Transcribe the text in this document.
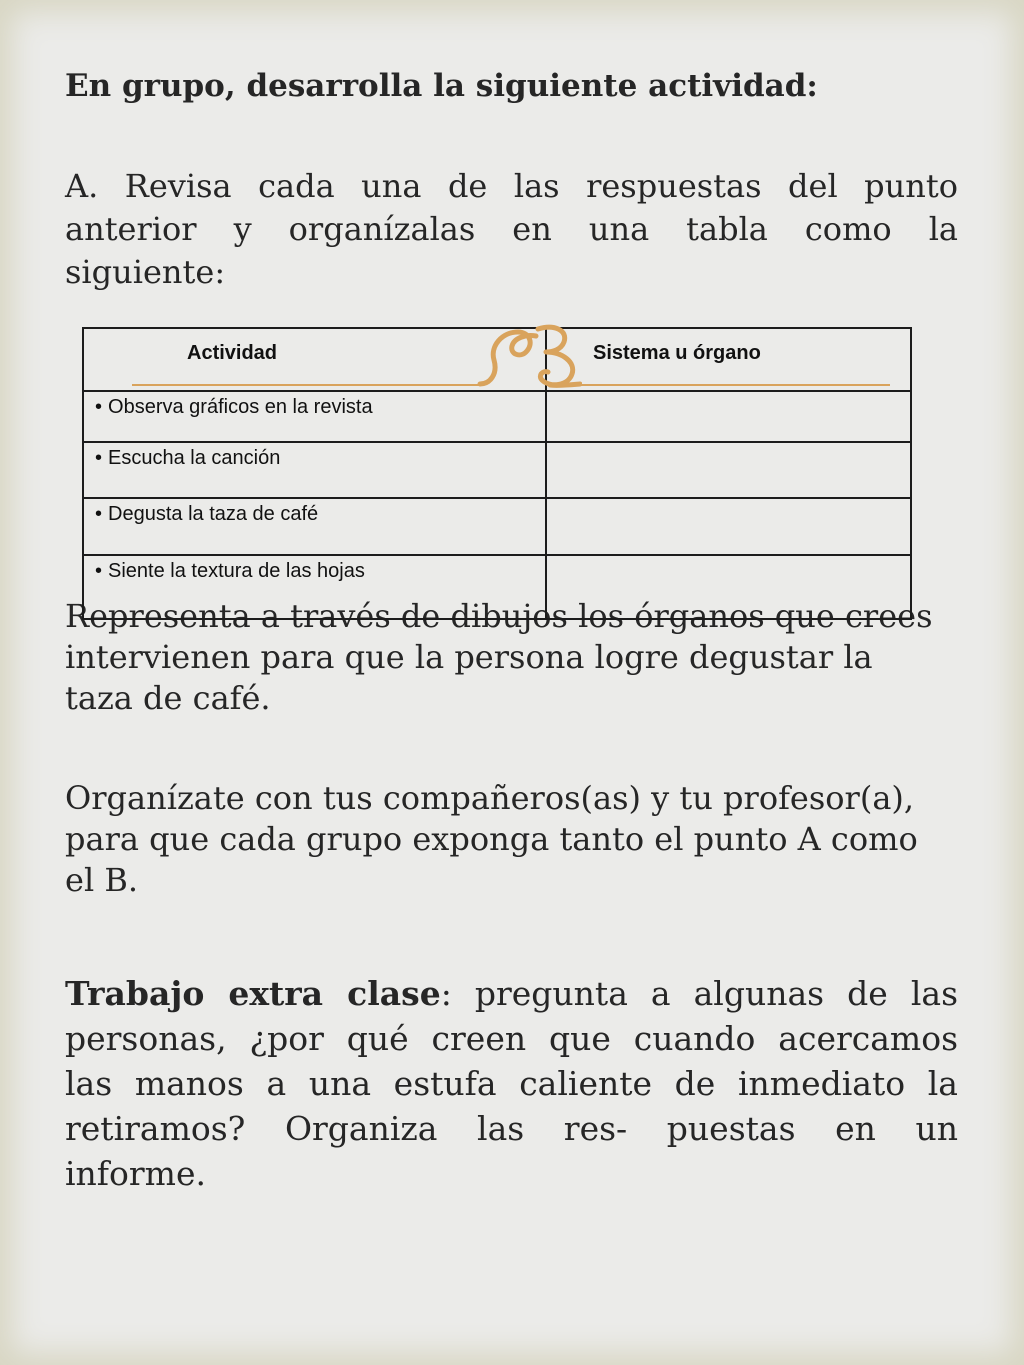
En grupo, desarrolla la siguiente actividad:
A. Revisa cada una de las respuestas del punto
anterior y organízalas en una tabla como la
siguiente:
Actividad	Sistema u órgano
• Observa gráficos en la revista	
• Escucha la canción	
• Degusta la taza de café	
• Siente la textura de las hojas	
Representa a través de dibujos los órganos que crees
intervienen para que la persona logre degustar la
taza de café.
Organízate con tus compañeros(as) y tu profesor(a),
para que cada grupo exponga tanto el punto A como
el B.
Trabajo extra clase: pregunta a algunas de las
personas, ¿por qué creen que cuando acercamos
las manos a una estufa caliente de inmediato la
retiramos? Organiza las res- puestas en un
informe.
